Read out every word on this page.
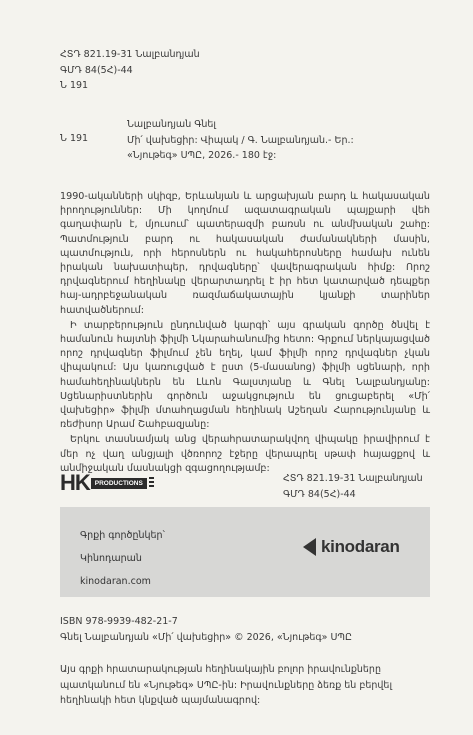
ՀՏԴ 821.19-31 Նալբանդյան
ԳՄԴ 84(5Հ)-44
Ն 191
Ն 191
Նալբանդյան Գնել
Մի՛ վախեցիր: Վիպակ / Գ. Նալբանդյան.- Եր.:
«Նյութեգ» ՍՊԸ, 2026.- 180 էջ:

1990-ականների սկիզբ, Երևանյան և արցախյան բարդ և հակասական իրողություններ: Մի կողմում ազատագրական պայքարի վեհ գաղափարն է, մյուսում՝ պատերազմի բառսն ու անմխական շահը: Պատմություն բարդ ու հակասական ժամանակների մասին, պատմություն, որի հերոսներն ու հակահերոսները համախ ունեն իրական նախատիպեր, դրվագները՝ վավերագրական հիմք: Որոշ դրվագներում հեղինակը վերարտադրել է իր հետ կատարված դեպքեր հայ-ադրբեջանական ռազմաճակատային կյանքի տարիներ հատվածներում:

Ի տարբերություն ընդունված կարգի՝ այս գրական գործը ծնվել է համանուն հայտնի ֆիլմի Նկարահանումից հետո: Գրքում ներկայացված որոշ դրվագներ ֆիլմում չեն եղել, կամ ֆիլմի որոշ դրվագներ չկան վիպակում: Այս կառուցված է ըստ (5-մասանոց) ֆիլմի սցենարի, որի համահեղինակներն են Լևոն Գալստյանը և Գնել Նալբանդյանը: Սցենարիստներին գործուն աջակցություն են ցուցաբերել «Մի՛ վախեցիր» ֆիլմի մտահղացման հեղինակ Աշեղան Հարությունյանը և ռեժիսոր Արամ Շահբազյանը:

Երկու տասնամյակ անց վերահրատարակվող վիպակը իրավիրում է մեր ոչ վաղ անցյալի վծռորոշ էջերը վերապրել սթափ հայացքով և անմիջական մասնակցի զգացողությամբ:

HK PRODUCTIONS	ՀՏԴ 821.19-31 Նալբանդյան
ԳՄԴ 84(5Հ)-44
Գրքի գործընկեր՝
Կինոդարան
kinodaran.com
kinodaran
ISBN 978-9939-482-21-7
Գնել Նալբանդյան «Մի՛ վախեցիր» © 2026, «Նյութեգ» ՍՊԸ
Այս գրքի հրատարակության հեղինակային բոլոր իրավունքները պատկանում են «Նյութեգ» ՍՊԸ-ին: Իրավունքները ձեռք են բերվել հեղինակի հետ կնքված պայմանագրով:
